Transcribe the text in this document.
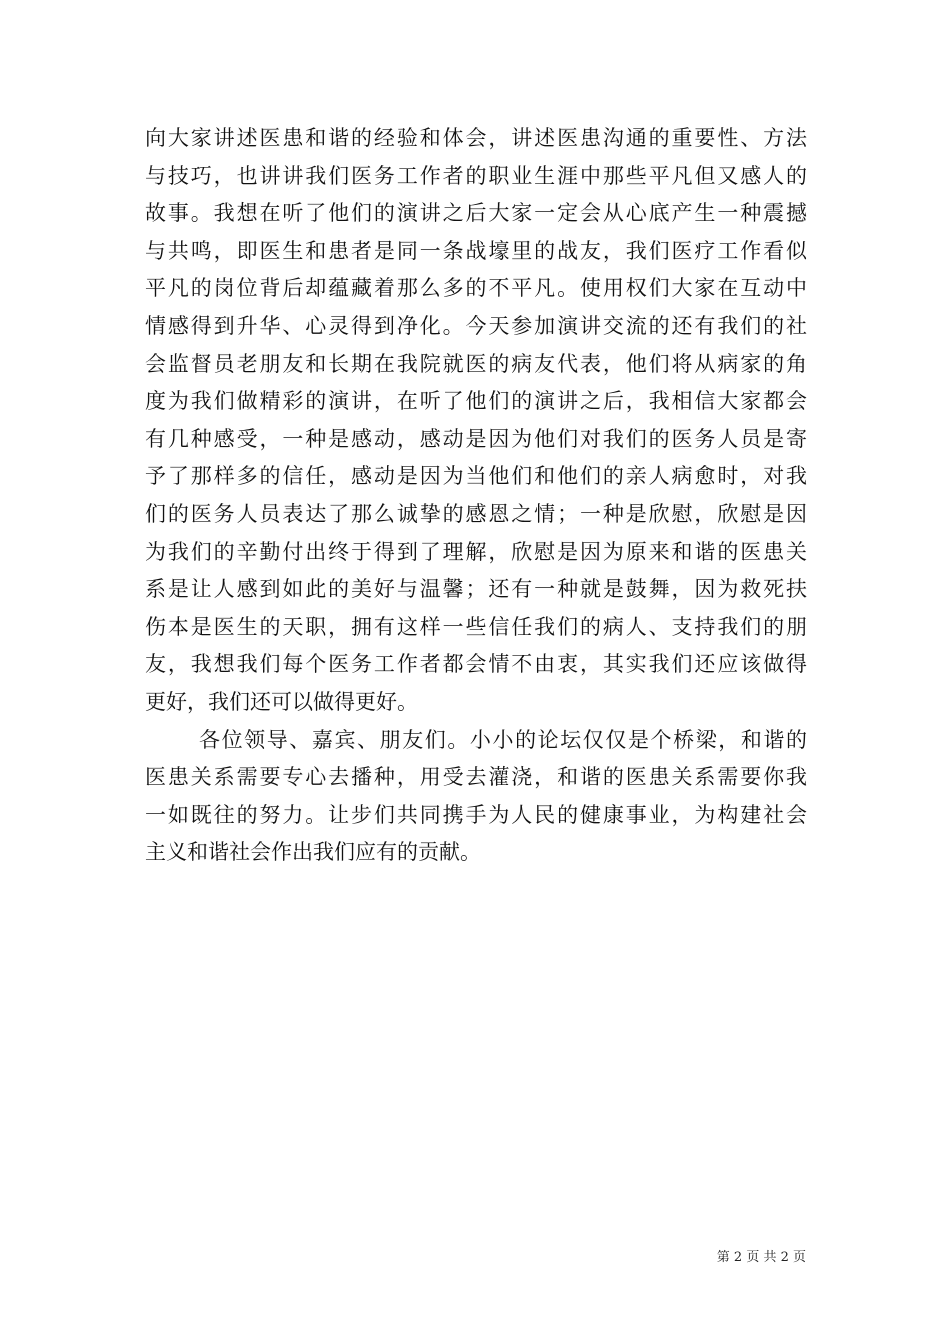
向大家讲述医患和谐的经验和体会，讲述医患沟通的重要性、方法
与技巧，也讲讲我们医务工作者的职业生涯中那些平凡但又感人的
故事。我想在听了他们的演讲之后大家一定会从心底产生一种震撼
与共鸣，即医生和患者是同一条战壕里的战友，我们医疗工作看似
平凡的岗位背后却蕴藏着那么多的不平凡。使用权们大家在互动中
情感得到升华、心灵得到净化。今天参加演讲交流的还有我们的社
会监督员老朋友和长期在我院就医的病友代表，他们将从病家的角
度为我们做精彩的演讲，在听了他们的演讲之后，我相信大家都会
有几种感受，一种是感动，感动是因为他们对我们的医务人员是寄
予了那样多的信任，感动是因为当他们和他们的亲人病愈时，对我
们的医务人员表达了那么诚挚的感恩之情；一种是欣慰，欣慰是因
为我们的辛勤付出终于得到了理解，欣慰是因为原来和谐的医患关
系是让人感到如此的美好与温馨；还有一种就是鼓舞，因为救死扶
伤本是医生的天职，拥有这样一些信任我们的病人、支持我们的朋
友，我想我们每个医务工作者都会情不由衷，其实我们还应该做得
更好，我们还可以做得更好。
各位领导、嘉宾、朋友们。小小的论坛仅仅是个桥梁，和谐的
医患关系需要专心去播种，用受去灌浇，和谐的医患关系需要你我
一如既往的努力。让步们共同携手为人民的健康事业，为构建社会
主义和谐社会作出我们应有的贡献。
第 2 页 共 2 页
